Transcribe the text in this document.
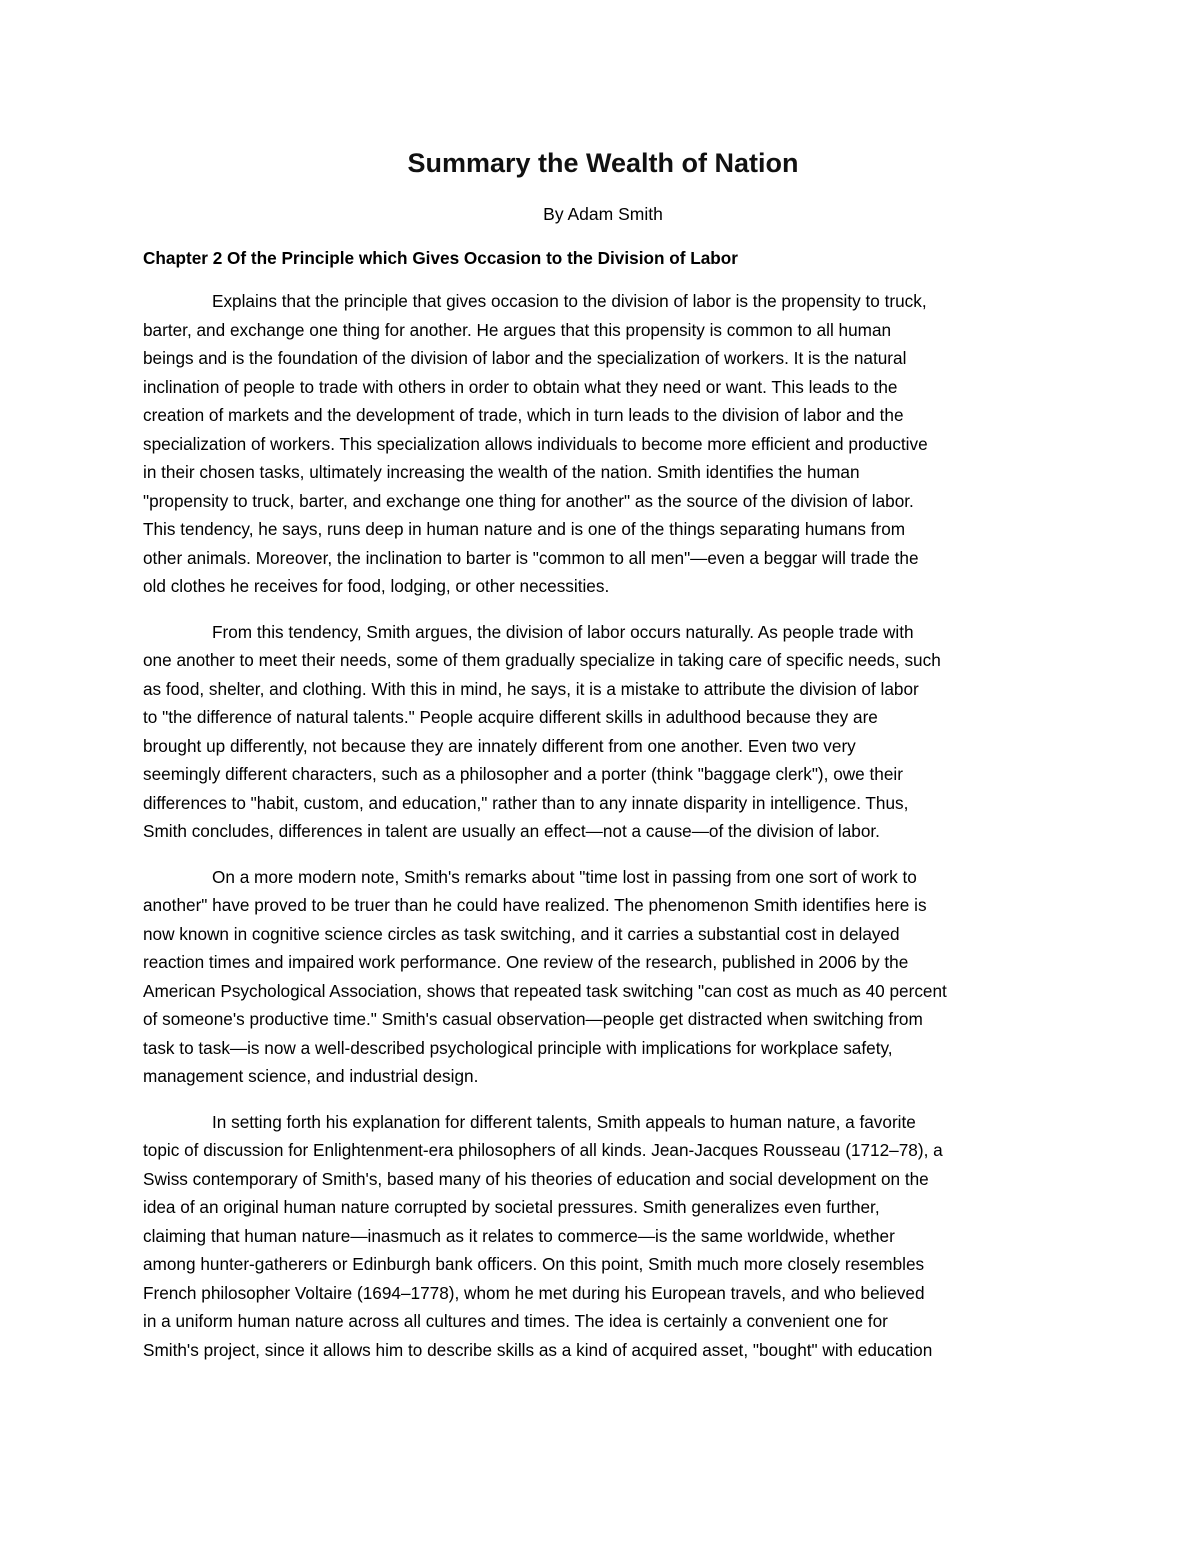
Summary the Wealth of Nation

By Adam Smith

Chapter 2 Of the Principle which Gives Occasion to the Division of Labor

Explains that the principle that gives occasion to the division of labor is the propensity to truck,
barter, and exchange one thing for another. He argues that this propensity is common to all human
beings and is the foundation of the division of labor and the specialization of workers. It is the natural
inclination of people to trade with others in order to obtain what they need or want. This leads to the
creation of markets and the development of trade, which in turn leads to the division of labor and the
specialization of workers. This specialization allows individuals to become more efficient and productive
in their chosen tasks, ultimately increasing the wealth of the nation. Smith identifies the human
"propensity to truck, barter, and exchange one thing for another" as the source of the division of labor.
This tendency, he says, runs deep in human nature and is one of the things separating humans from
other animals. Moreover, the inclination to barter is "common to all men"—even a beggar will trade the
old clothes he receives for food, lodging, or other necessities.
From this tendency, Smith argues, the division of labor occurs naturally. As people trade with
one another to meet their needs, some of them gradually specialize in taking care of specific needs, such
as food, shelter, and clothing. With this in mind, he says, it is a mistake to attribute the division of labor
to "the difference of natural talents." People acquire different skills in adulthood because they are
brought up differently, not because they are innately different from one another. Even two very
seemingly different characters, such as a philosopher and a porter (think "baggage clerk"), owe their
differences to "habit, custom, and education," rather than to any innate disparity in intelligence. Thus,
Smith concludes, differences in talent are usually an effect—not a cause—of the division of labor.
On a more modern note, Smith's remarks about "time lost in passing from one sort of work to
another" have proved to be truer than he could have realized. The phenomenon Smith identifies here is
now known in cognitive science circles as task switching, and it carries a substantial cost in delayed
reaction times and impaired work performance. One review of the research, published in 2006 by the
American Psychological Association, shows that repeated task switching "can cost as much as 40 percent
of someone's productive time." Smith's casual observation—people get distracted when switching from
task to task—is now a well-described psychological principle with implications for workplace safety,
management science, and industrial design.
In setting forth his explanation for different talents, Smith appeals to human nature, a favorite
topic of discussion for Enlightenment-era philosophers of all kinds. Jean-Jacques Rousseau (1712–78), a
Swiss contemporary of Smith's, based many of his theories of education and social development on the
idea of an original human nature corrupted by societal pressures. Smith generalizes even further,
claiming that human nature—inasmuch as it relates to commerce—is the same worldwide, whether
among hunter-gatherers or Edinburgh bank officers. On this point, Smith much more closely resembles
French philosopher Voltaire (1694–1778), whom he met during his European travels, and who believed
in a uniform human nature across all cultures and times. The idea is certainly a convenient one for
Smith's project, since it allows him to describe skills as a kind of acquired asset, "bought" with education
